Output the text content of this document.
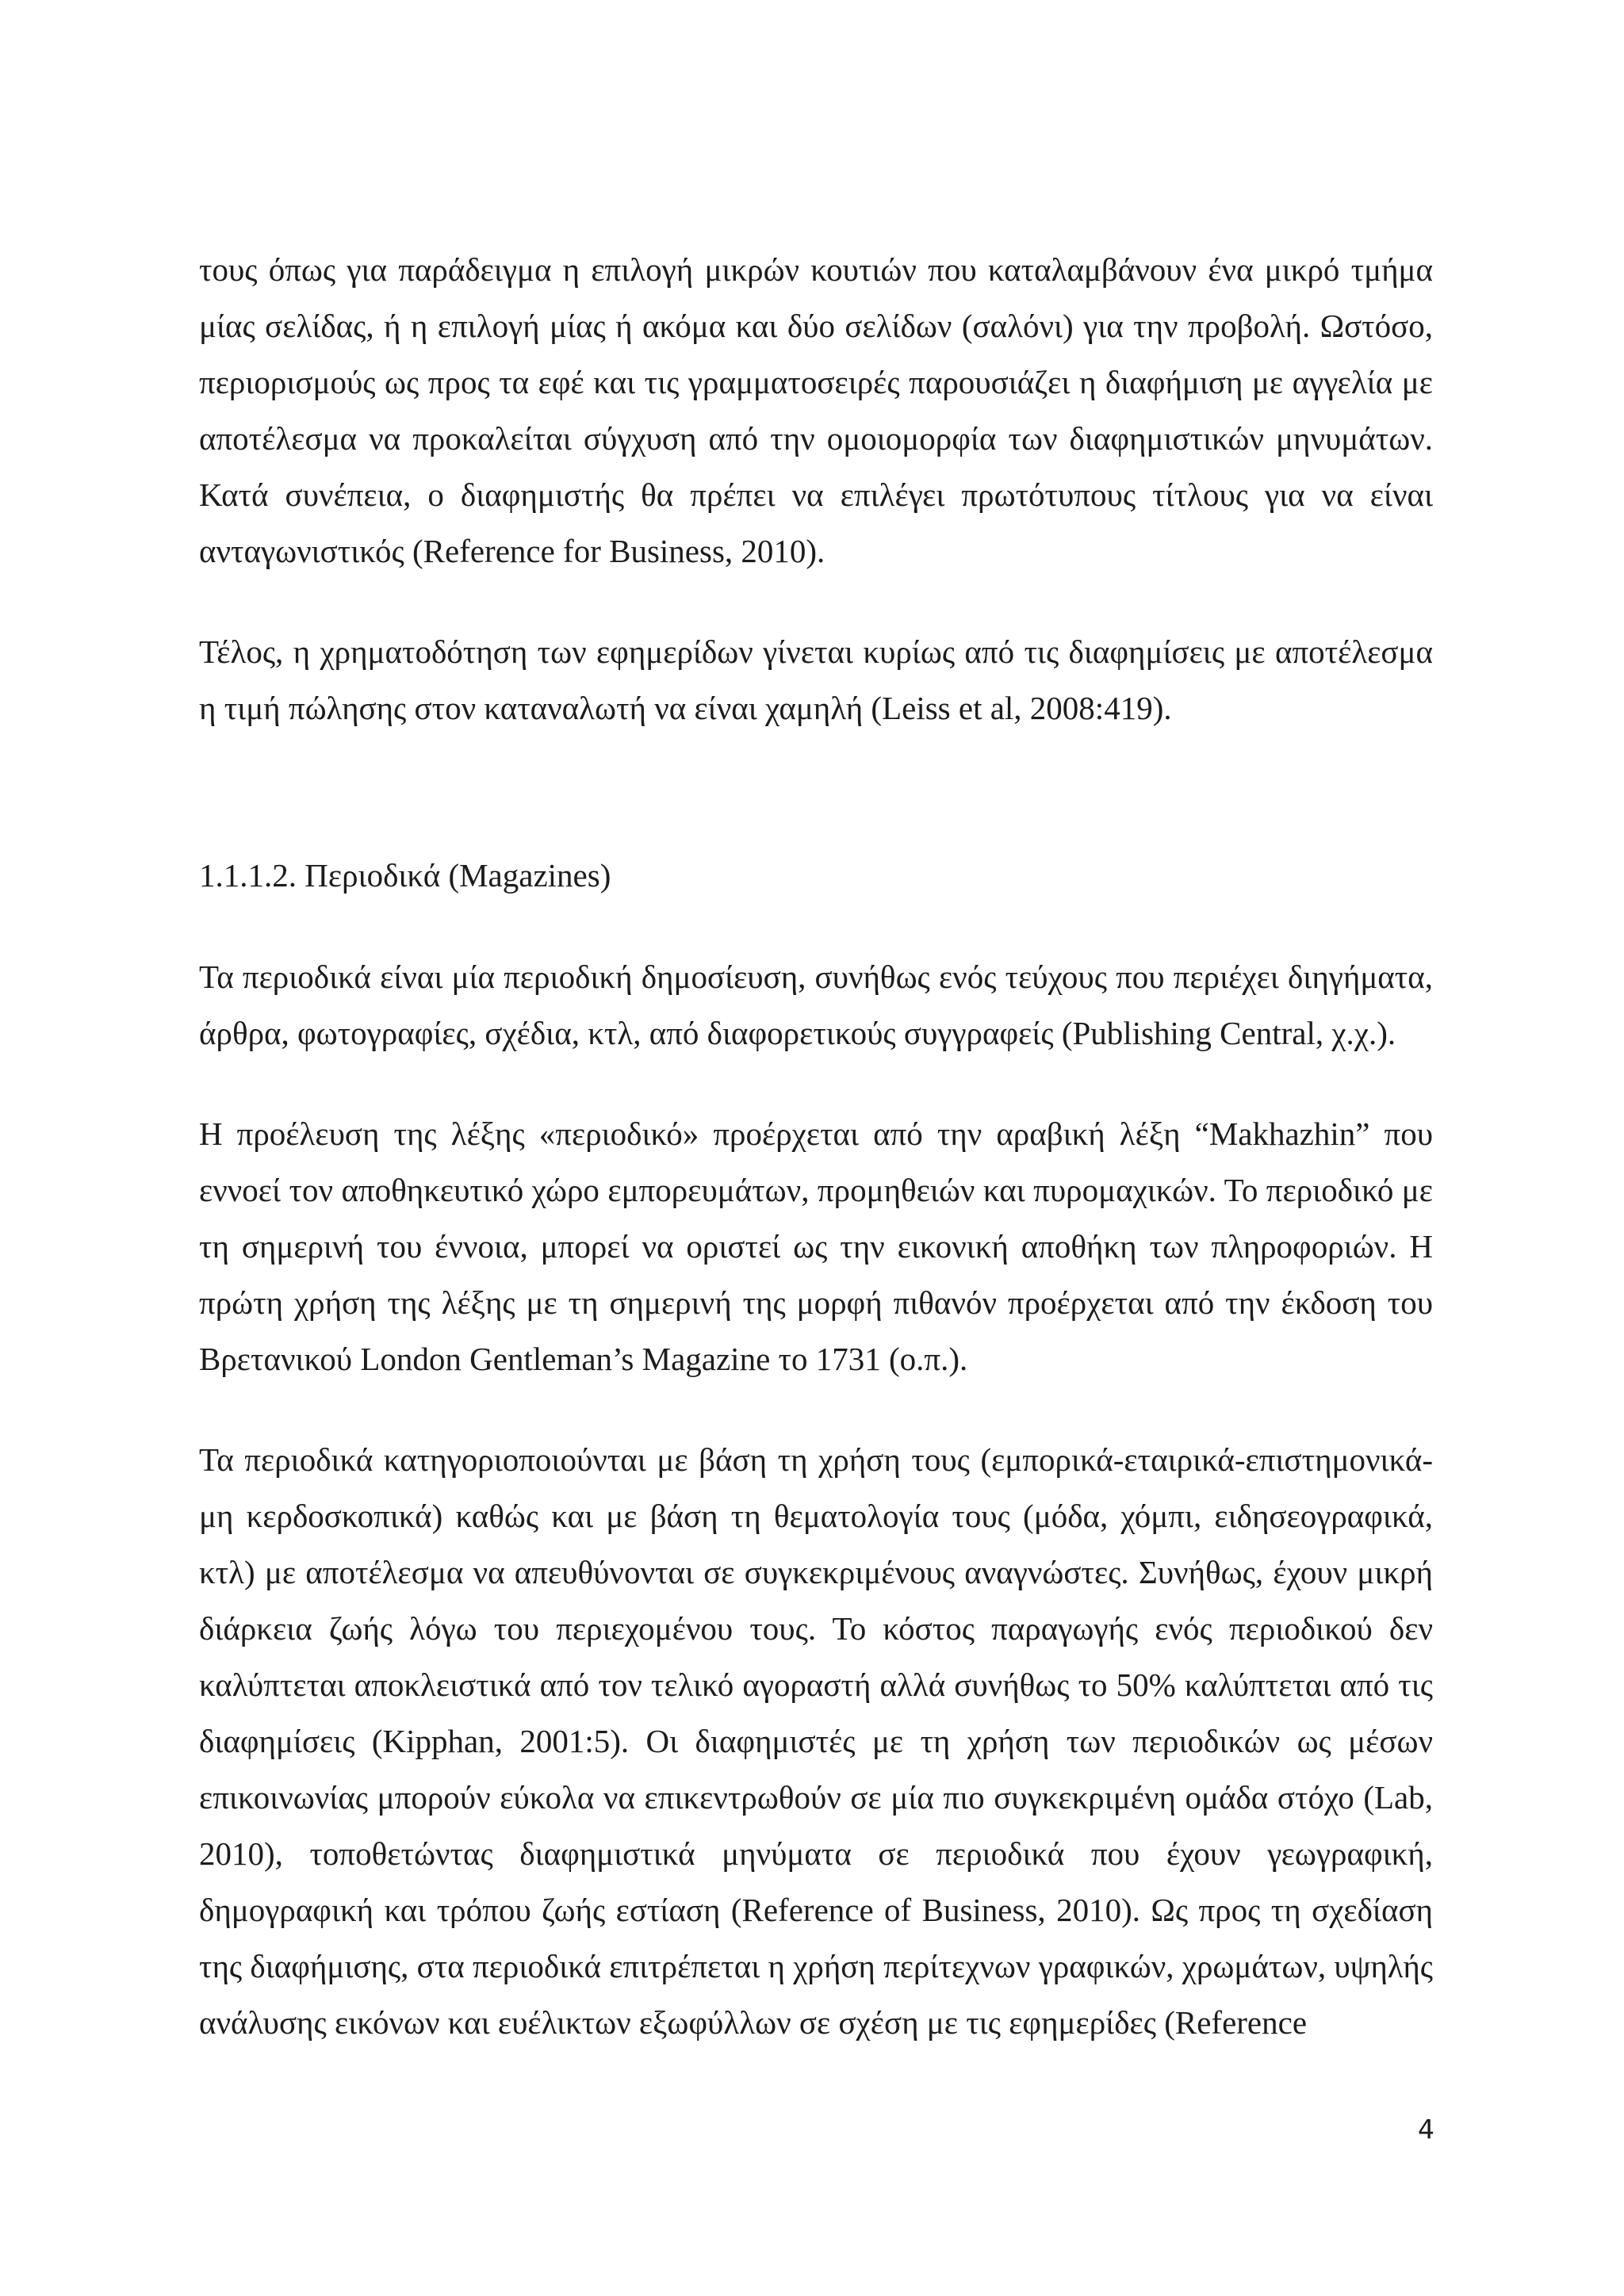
τους όπως για παράδειγμα η επιλογή μικρών κουτιών που καταλαμβάνουν ένα μικρό τμήμα μίας σελίδας, ή η επιλογή μίας ή ακόμα και δύο σελίδων (σαλόνι) για την προβολή. Ωστόσο, περιορισμούς ως προς τα εφέ και τις γραμματοσειρές παρουσιάζει η διαφήμιση με αγγελία με αποτέλεσμα να προκαλείται σύγχυση από την ομοιομορφία των διαφημιστικών μηνυμάτων. Κατά συνέπεια, ο διαφημιστής θα πρέπει να επιλέγει πρωτότυπους τίτλους για να είναι ανταγωνιστικός (Reference for Business, 2010).

Τέλος, η χρηματοδότηση των εφημερίδων γίνεται κυρίως από τις διαφημίσεις με αποτέλεσμα η τιμή πώλησης στον καταναλωτή να είναι χαμηλή (Leiss et al, 2008:419).

1.1.1.2. Περιοδικά (Magazines)

Τα περιοδικά είναι μία περιοδική δημοσίευση, συνήθως ενός τεύχους που περιέχει διηγήματα, άρθρα, φωτογραφίες, σχέδια, κτλ, από διαφορετικούς συγγραφείς (Publishing Central, χ.χ.).

Η προέλευση της λέξης «περιοδικό» προέρχεται από την αραβική λέξη “Makhazhin” που εννοεί τον αποθηκευτικό χώρο εμπορευμάτων, προμηθειών και πυρομαχικών. Το περιοδικό με τη σημερινή του έννοια, μπορεί να οριστεί ως την εικονική αποθήκη των πληροφοριών. Η πρώτη χρήση της λέξης με τη σημερινή της μορφή πιθανόν προέρχεται από την έκδοση του Βρετανικού London Gentleman’s Magazine το 1731 (ο.π.).

Τα περιοδικά κατηγοριοποιούνται με βάση τη χρήση τους (εμπορικά-εταιρικά-επιστημονικά-μη κερδοσκοπικά) καθώς και με βάση τη θεματολογία τους (μόδα, χόμπι, ειδησεογραφικά, κτλ) με αποτέλεσμα να απευθύνονται σε συγκεκριμένους αναγνώστες. Συνήθως, έχουν μικρή διάρκεια ζωής λόγω του περιεχομένου τους. Το κόστος παραγωγής ενός περιοδικού δεν καλύπτεται αποκλειστικά από τον τελικό αγοραστή αλλά συνήθως το 50% καλύπτεται από τις διαφημίσεις (Kipphan, 2001:5). Οι διαφημιστές με τη χρήση των περιοδικών ως μέσων επικοινωνίας μπορούν εύκολα να επικεντρωθούν σε μία πιο συγκεκριμένη ομάδα στόχο (Lab, 2010), τοποθετώντας διαφημιστικά μηνύματα σε περιοδικά που έχουν γεωγραφική, δημογραφική και τρόπου ζωής εστίαση (Reference of Business, 2010). Ως προς τη σχεδίαση της διαφήμισης, στα περιοδικά επιτρέπεται η χρήση περίτεχνων γραφικών, χρωμάτων, υψηλής ανάλυσης εικόνων και ευέλικτων εξωφύλλων σε σχέση με τις εφημερίδες (Reference

4
